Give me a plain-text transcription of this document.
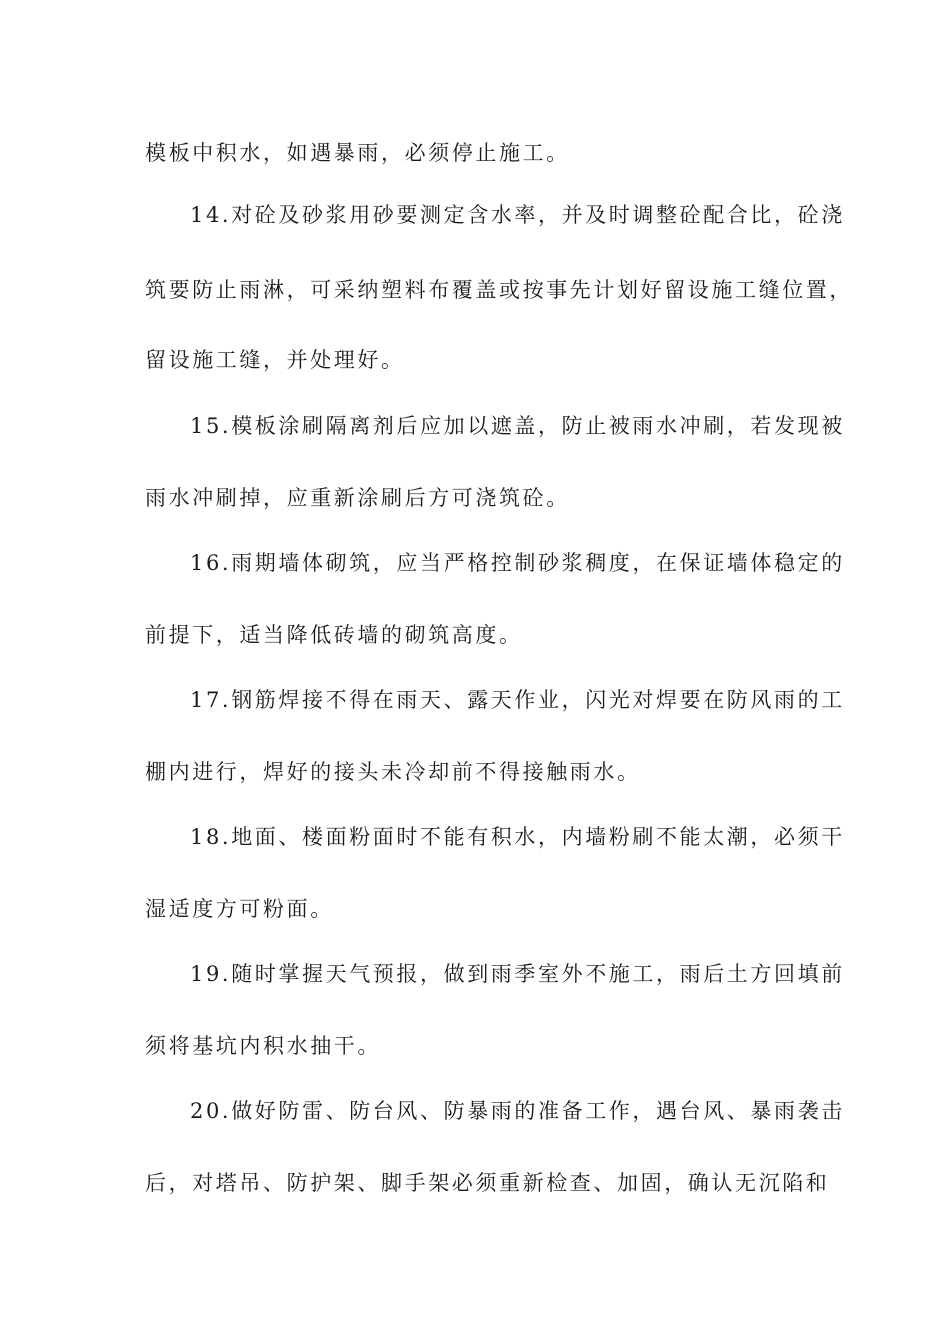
模板中积水，如遇暴雨，必须停止施工。
14.对砼及砂浆用砂要测定含水率，并及时调整砼配合比，砼浇
筑要防止雨淋，可采纳塑料布覆盖或按事先计划好留设施工缝位置，
留设施工缝，并处理好。
15.模板涂刷隔离剂后应加以遮盖，防止被雨水冲刷，若发现被
雨水冲刷掉，应重新涂刷后方可浇筑砼。
16.雨期墙体砌筑，应当严格控制砂浆稠度，在保证墙体稳定的
前提下，适当降低砖墙的砌筑高度。
17.钢筋焊接不得在雨天、露天作业，闪光对焊要在防风雨的工
棚内进行，焊好的接头未冷却前不得接触雨水。
18.地面、楼面粉面时不能有积水，内墙粉刷不能太潮，必须干
湿适度方可粉面。
19.随时掌握天气预报，做到雨季室外不施工，雨后土方回填前
须将基坑内积水抽干。
20.做好防雷、防台风、防暴雨的准备工作，遇台风、暴雨袭击
后，对塔吊、防护架、脚手架必须重新检查、加固，确认无沉陷和
